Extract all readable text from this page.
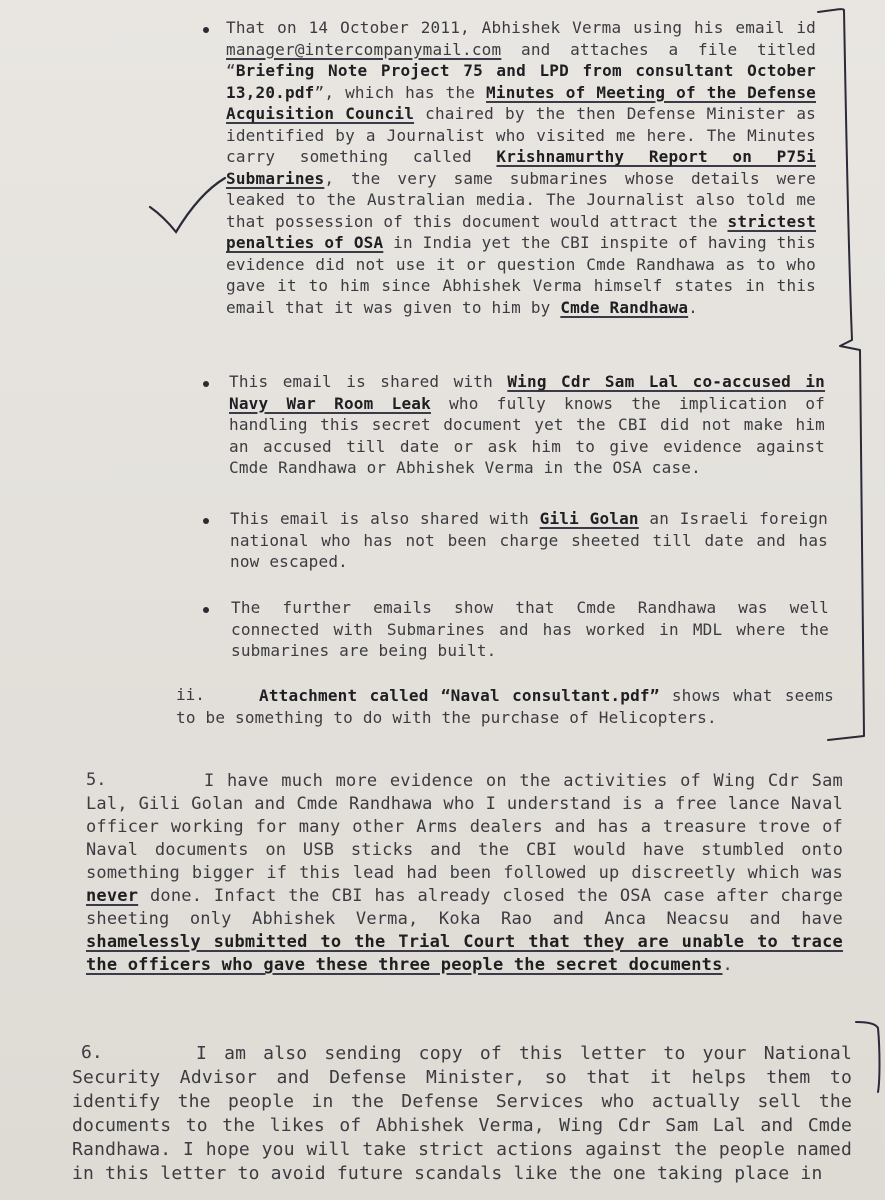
That on 14 October 2011, Abhishek Verma using his email id manager@intercompanymail.com and attaches a file titled “Briefing Note Project 75 and LPD from consultant October 13,20.pdf”, which has the Minutes of Meeting of the Defense Acquisition Council chaired by the then Defense Minister as identified by a Journalist who visited me here. The Minutes carry something called Krishnamurthy Report on P75i Submarines, the very same submarines whose details were leaked to the Australian media. The Journalist also told me that possession of this document would attract the strictest penalties of OSA in India yet the CBI inspite of having this evidence did not use it or question Cmde Randhawa as to who gave it to him since Abhishek Verma himself states in this email that it was given to him by Cmde Randhawa.

This email is shared with Wing Cdr Sam Lal co-accused in Navy War Room Leak who fully knows the implication of handling this secret document yet the CBI did not make him an accused till date or ask him to give evidence against Cmde Randhawa or Abhishek Verma in the OSA case.

This email is also shared with Gili Golan an Israeli foreign national who has not been charge sheeted till date and has now escaped.

The further emails show that Cmde Randhawa was well connected with Submarines and has worked in MDL where the submarines are being built.

ii.	Attachment called “Naval consultant.pdf” shows what seems to be something to do with the purchase of Helicopters.

5.	I have much more evidence on the activities of Wing Cdr Sam Lal, Gili Golan and Cmde Randhawa who I understand is a free lance Naval officer working for many other Arms dealers and has a treasure trove of Naval documents on USB sticks and the CBI would have stumbled onto something bigger if this lead had been followed up discreetly which was never done. Infact the CBI has already closed the OSA case after charge sheeting only Abhishek Verma, Koka Rao and Anca Neacsu and have shamelessly submitted to the Trial Court that they are unable to trace the officers who gave these three people the secret documents.

6.	I am also sending copy of this letter to your National Security Advisor and Defense Minister, so that it helps them to identify the people in the Defense Services who actually sell the documents to the likes of Abhishek Verma, Wing Cdr Sam Lal and Cmde Randhawa. I hope you will take strict actions against the people named in this letter to avoid future scandals like the one taking place in
